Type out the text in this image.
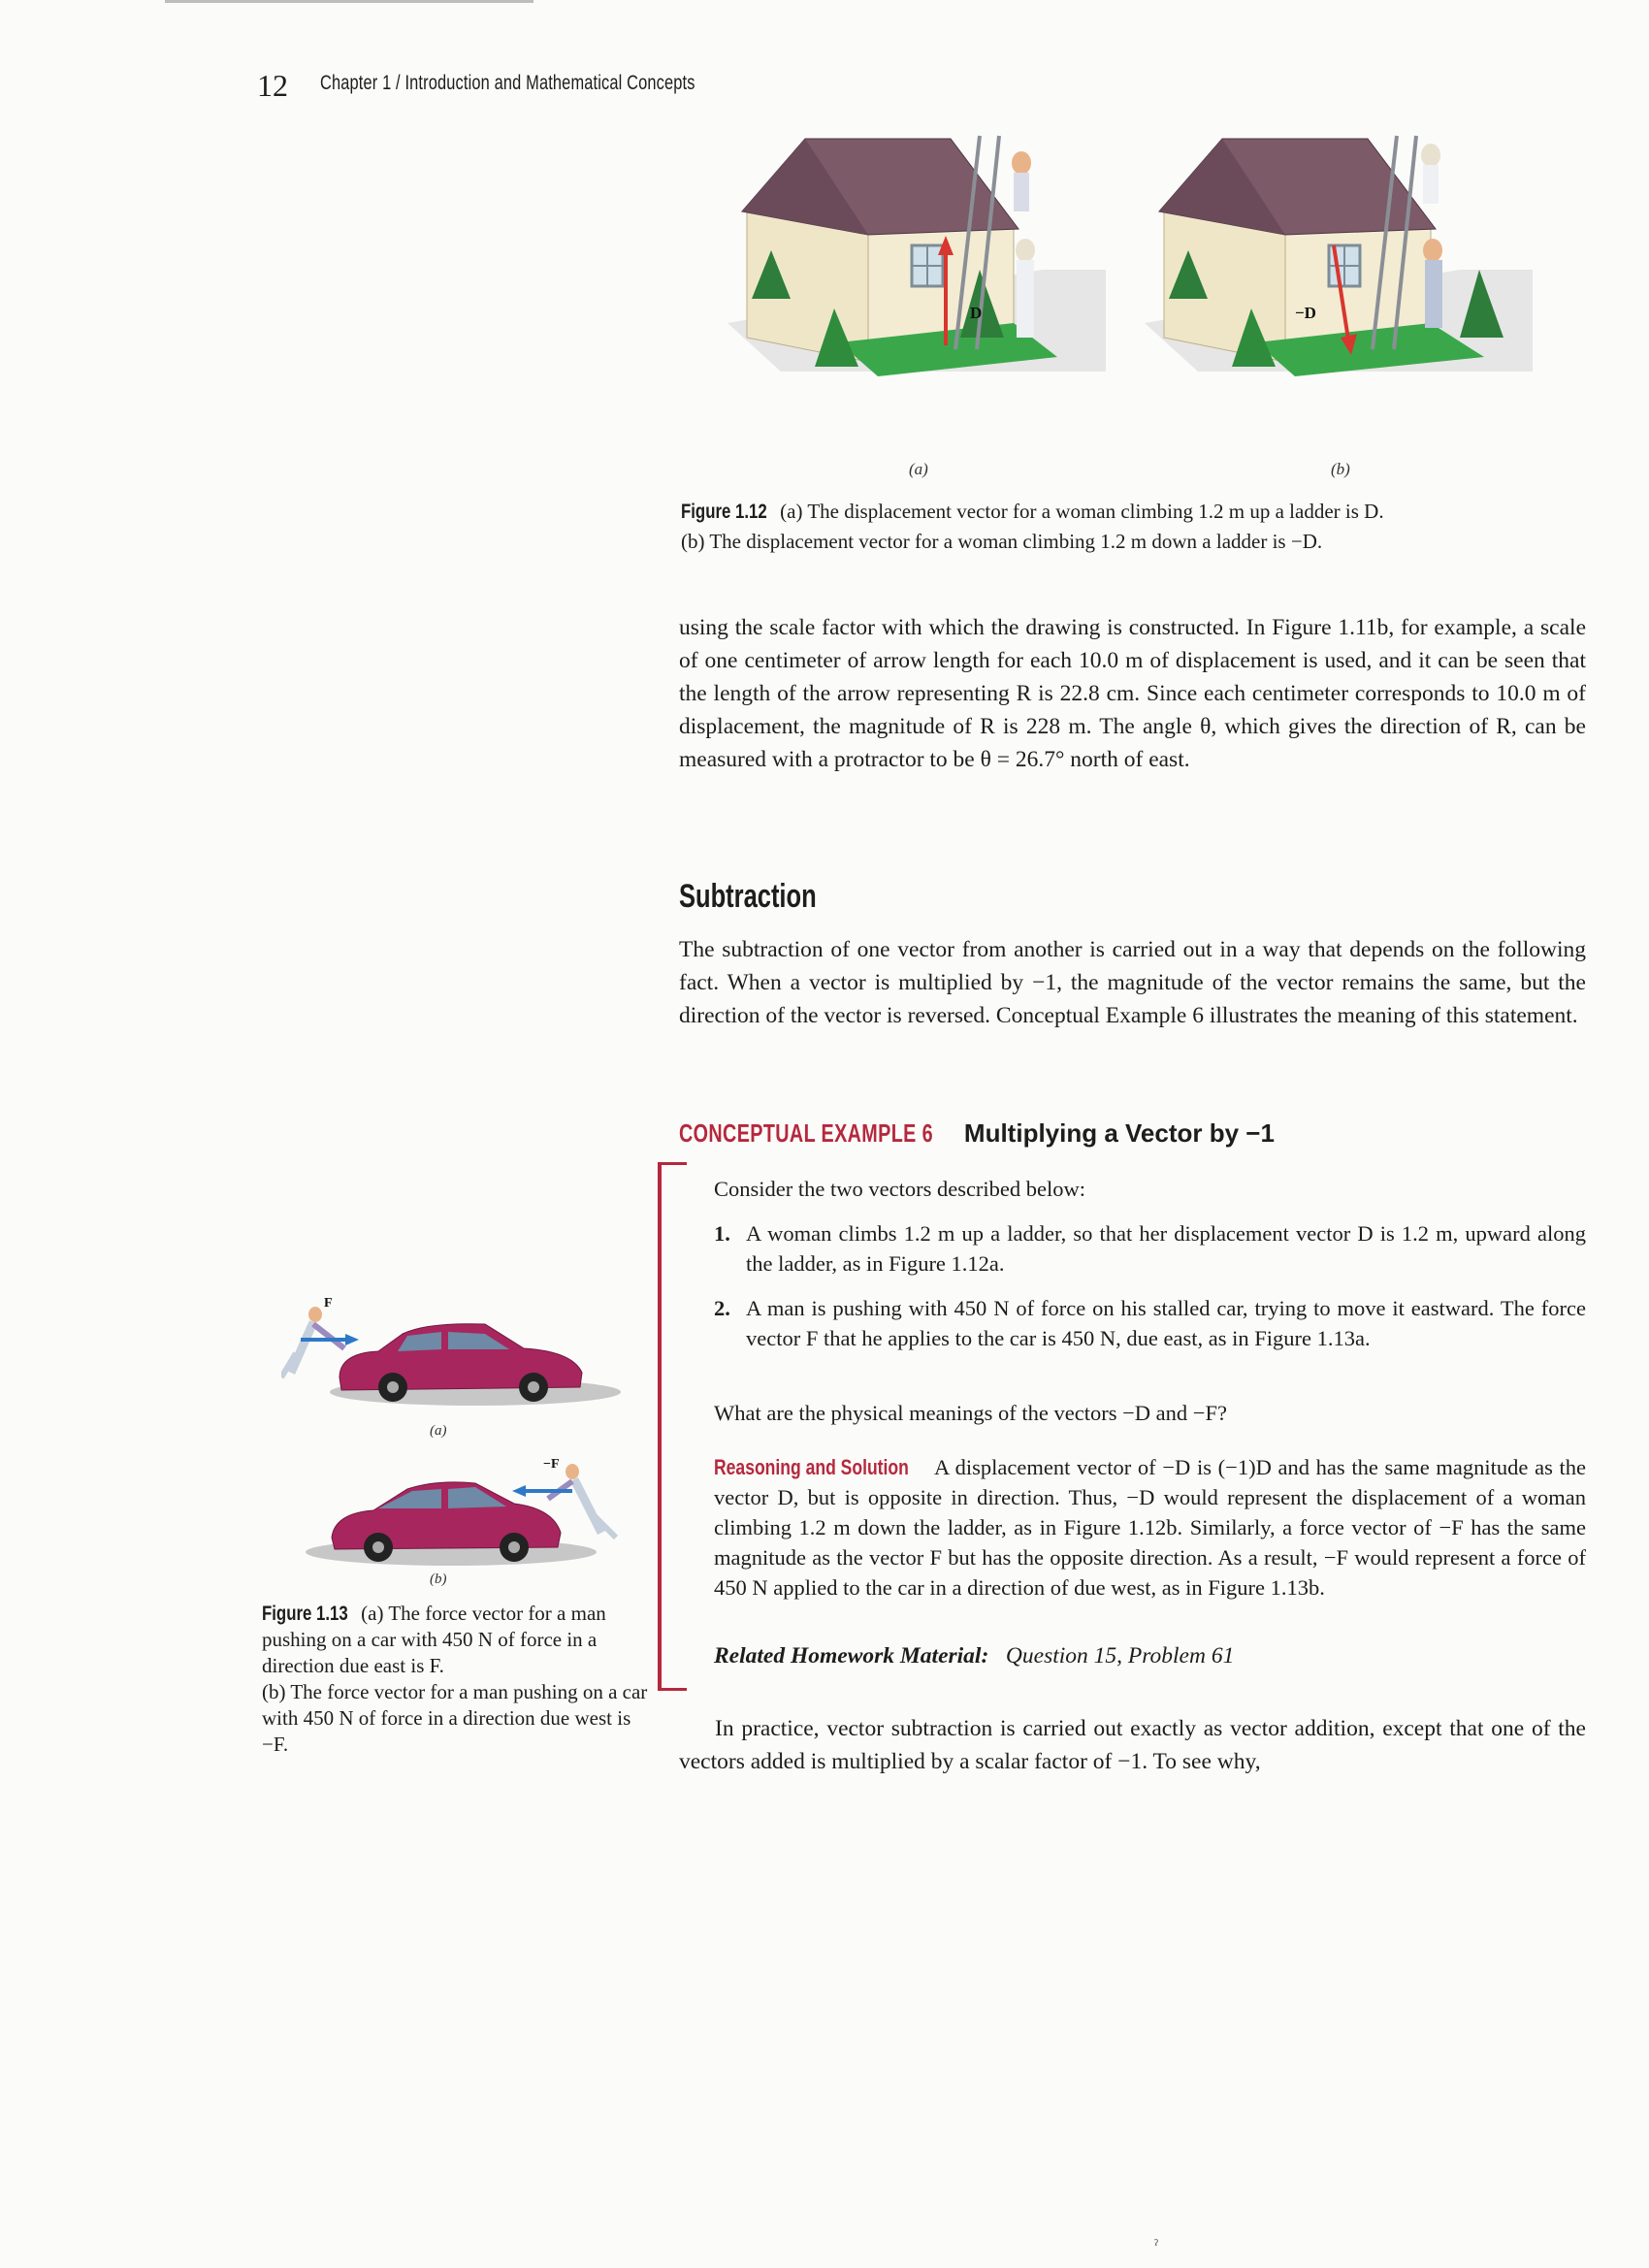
12 Chapter 1 / Introduction and Mathematical Concepts
D	−D
(a)	(b)
Figure 1.12 (a) The displacement vector for a woman climbing 1.2 m up a ladder is D.
(b) The displacement vector for a woman climbing 1.2 m down a ladder is −D.

using the scale factor with which the drawing is constructed. In Figure 1.11b, for example, a scale of one centimeter of arrow length for each 10.0 m of displacement is used, and it can be seen that the length of the arrow representing R is 22.8 cm. Since each centimeter corresponds to 10.0 m of displacement, the magnitude of R is 228 m. The angle θ, which gives the direction of R, can be measured with a protractor to be θ = 26.7° north of east.

Subtraction

The subtraction of one vector from another is carried out in a way that depends on the following fact. When a vector is multiplied by −1, the magnitude of the vector remains the same, but the direction of the vector is reversed. Conceptual Example 6 illustrates the meaning of this statement.

CONCEPTUAL EXAMPLE 6 Multiplying a Vector by −1

Consider the two vectors described below:

1. A woman climbs 1.2 m up a ladder, so that her displacement vector D is 1.2 m, upward along the ladder, as in Figure 1.12a.
2. A man is pushing with 450 N of force on his stalled car, trying to move it eastward. The force vector F that he applies to the car is 450 N, due east, as in Figure 1.13a.

What are the physical meanings of the vectors −D and −F?

Reasoning and Solution A displacement vector of −D is (−1)D and has the same magnitude as the vector D, but is opposite in direction. Thus, −D would represent the displacement of a woman climbing 1.2 m down the ladder, as in Figure 1.12b. Similarly, a force vector of −F has the same magnitude as the vector F but has the opposite direction. As a result, −F would represent a force of 450 N applied to the car in a direction of due west, as in Figure 1.13b.

Related Homework Material: Question 15, Problem 61

In practice, vector subtraction is carried out exactly as vector addition, except that one of the vectors added is multiplied by a scalar factor of −1. To see why,

F
−F
(a)
(b)
Figure 1.13 (a) The force vector for a man pushing on a car with 450 N of force in a direction due east is F.
(b) The force vector for a man pushing on a car with 450 N of force in a direction due west is −F.
ˀ
